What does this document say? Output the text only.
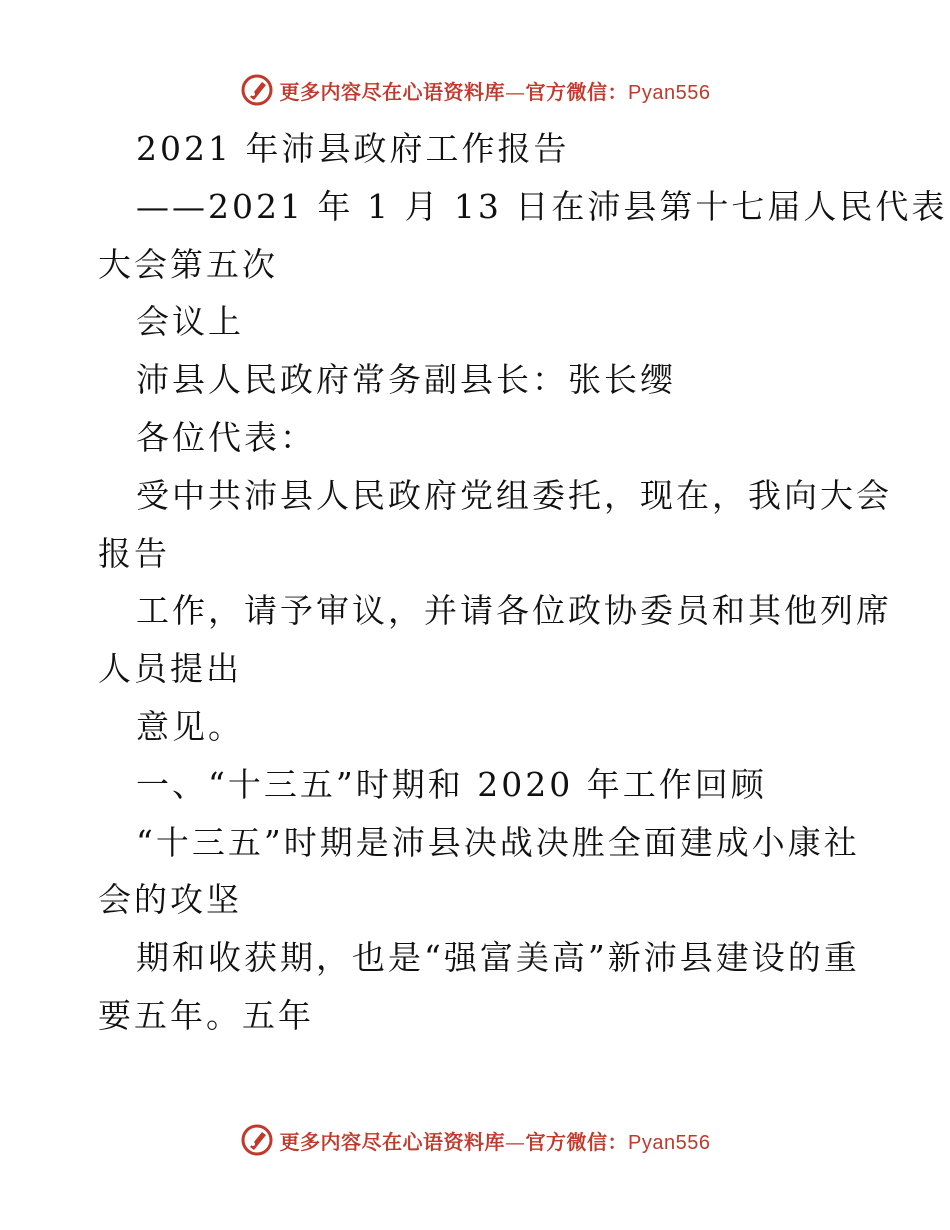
更多内容尽在心语资料库—官方微信：Pyan556
2021 年沛县政府工作报告
——2021 年 1 月 13 日在沛县第十七届人民代表
大会第五次
会议上
沛县人民政府常务副县长：张长缨
各位代表：
受中共沛县人民政府党组委托，现在，我向大会
报告
工作，请予审议，并请各位政协委员和其他列席
人员提出
意见。
一、“十三五”时期和 2020 年工作回顾
“十三五”时期是沛县决战决胜全面建成小康社
会的攻坚
期和收获期，也是“强富美高”新沛县建设的重
要五年。五年
更多内容尽在心语资料库—官方微信：Pyan556
